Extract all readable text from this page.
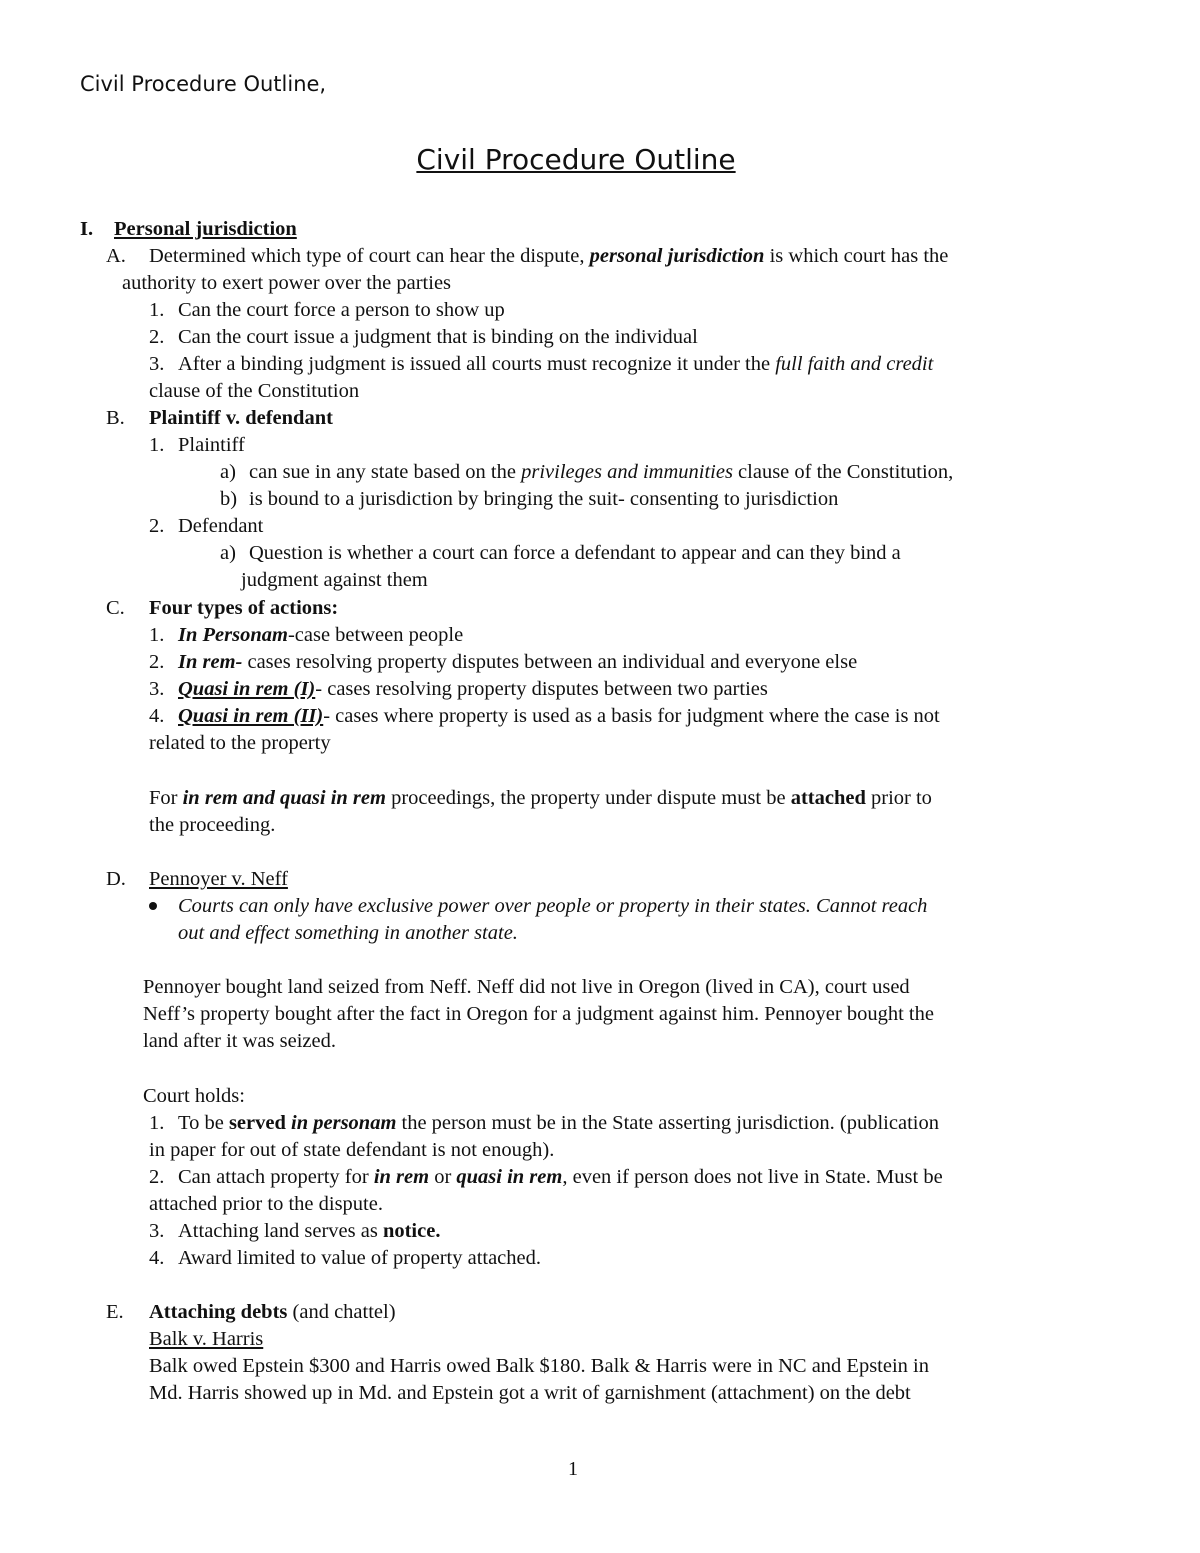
Civil Procedure Outline,
Civil Procedure Outline
I. Personal jurisdiction
A. Determined which type of court can hear the dispute, personal jurisdiction is which court has the
authority to exert power over the parties
1. Can the court force a person to show up
2. Can the court issue a judgment that is binding on the individual
3. After a binding judgment is issued all courts must recognize it under the full faith and credit
clause of the Constitution
B. Plaintiff v. defendant
1. Plaintiff
a) can sue in any state based on the privileges and immunities clause of the Constitution,
b) is bound to a jurisdiction by bringing the suit- consenting to jurisdiction
2. Defendant
a) Question is whether a court can force a defendant to appear and can they bind a
judgment against them
C. Four types of actions:
1. In Personam-case between people
2. In rem- cases resolving property disputes between an individual and everyone else
3. Quasi in rem (I)- cases resolving property disputes between two parties
4. Quasi in rem (II)- cases where property is used as a basis for judgment where the case is not
related to the property
For in rem and quasi in rem proceedings, the property under dispute must be attached prior to
the proceeding.
D. Pennoyer v. Neff
Courts can only have exclusive power over people or property in their states. Cannot reach
out and effect something in another state.
Pennoyer bought land seized from Neff. Neff did not live in Oregon (lived in CA), court used
Neff’s property bought after the fact in Oregon for a judgment against him. Pennoyer bought the
land after it was seized.
Court holds:
1. To be served in personam the person must be in the State asserting jurisdiction. (publication
in paper for out of state defendant is not enough).
2. Can attach property for in rem or quasi in rem, even if person does not live in State. Must be
attached prior to the dispute.
3. Attaching land serves as notice.
4. Award limited to value of property attached.
E. Attaching debts (and chattel)
Balk v. Harris
Balk owed Epstein $300 and Harris owed Balk $180. Balk & Harris were in NC and Epstein in
Md. Harris showed up in Md. and Epstein got a writ of garnishment (attachment) on the debt
1
